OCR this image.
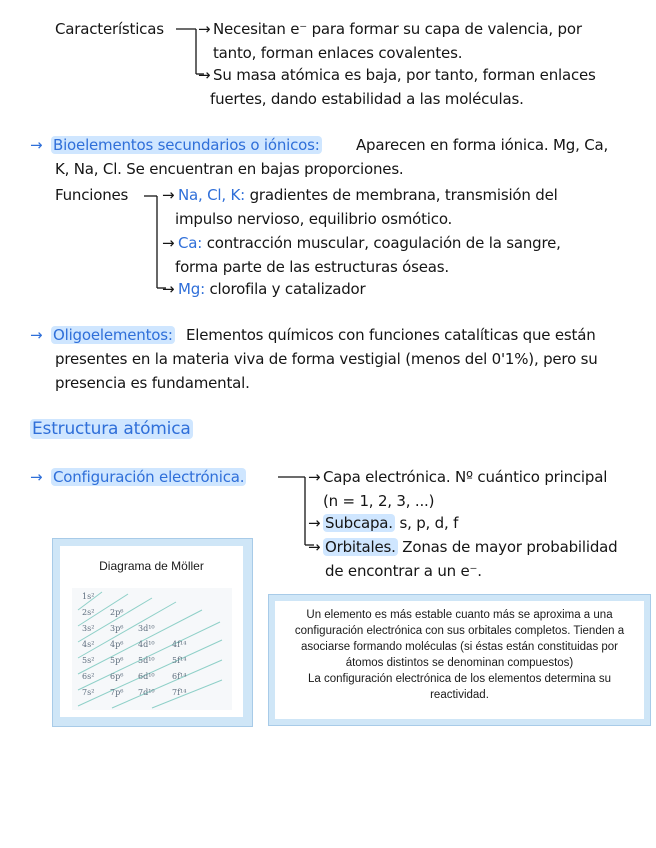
Características → Necesitan e⁻ para formar su capa de valencia, por
tanto, forman enlaces covalentes.
→ Su masa atómica es baja, por tanto, forman enlaces
fuertes, dando estabilidad a las moléculas.
→ Bioelementos secundarios o iónicos: Aparecen en forma iónica. Mg, Ca,
K, Na, Cl. Se encuentran en bajas proporciones.
Funciones → Na, Cl, K: gradientes de membrana, transmisión del
impulso nervioso, equilibrio osmótico.
→ Ca: contracción muscular, coagulación de la sangre,
forma parte de las estructuras óseas.
→ Mg: clorofila y catalizador
→ Oligoelementos: Elementos químicos con funciones catalíticas que están
presentes en la materia viva de forma vestigial (menos del 0'1%), pero su
presencia es fundamental.
Estructura atómica
→ Configuración electrónica.	→ Capa electrónica. Nº cuántico principal
(n = 1, 2, 3, ...)
→ Subcapa. s, p, d, f
→ Orbitales. Zonas de mayor probabilidad
de encontrar a un e⁻.
Diagrama de Möller
1s²
2s² 2p⁶
3s² 3p⁶ 3d¹⁰
4s² 4p⁶ 4d¹⁰ 4f¹⁴
5s² 5p⁶ 5d¹⁰ 5f¹⁴
6s² 6p⁶ 6d¹⁰ 6f¹⁴
7s² 7p⁶ 7d¹⁰ 7f¹⁴
Un elemento es más estable cuanto más se aproxima a una
configuración electrónica con sus orbitales completos. Tienden a
asociarse formando moléculas (si éstas están constituidas por
átomos distintos se denominan compuestos)
La configuración electrónica de los elementos determina su
reactividad.
